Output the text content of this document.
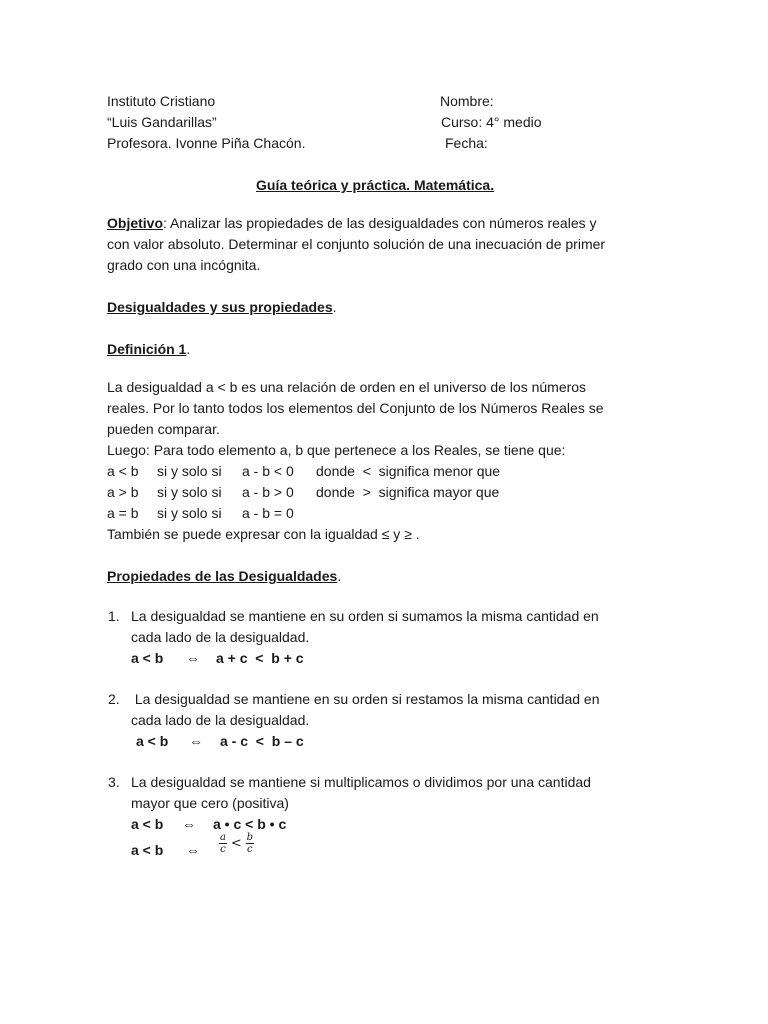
Instituto Cristiano
“Luis Gandarillas”
Profesora. Ivonne Piña Chacón.
Nombre:
Curso: 4° medio
Fecha:
Guía teórica y práctica. Matemática.
Objetivo: Analizar las propiedades de las desigualdades con números reales y
con valor absoluto. Determinar el conjunto solución de una inecuación de primer
grado con una incógnita.
Desigualdades y sus propiedades.
Definición 1.
La desigualdad a < b es una relación de orden en el universo de los números
reales. Por lo tanto todos los elementos del Conjunto de los Números Reales se
pueden comparar.
Luego: Para todo elemento a, b que pertenece a los Reales, se tiene que:
a < b si y solo si a - b < 0 donde  <  significa menor que
a > b si y solo si a - b > 0 donde  >  significa mayor que
a = b si y solo si a - b = 0
También se puede expresar con la igualdad ≤ y ≥ .
Propiedades de las Desigualdades.
1. La desigualdad se mantiene en su orden si sumamos la misma cantidad en
cada lado de la desigualdad.
a < b ⇔ a + c  <  b + c
2. La desigualdad se mantiene en su orden si restamos la misma cantidad en
cada lado de la desigualdad.
a < b ⇔ a - c  <  b – c
3. La desigualdad se mantiene si multiplicamos o dividimos por una cantidad
mayor que cero (positiva)
a < b ⇔ a • c < b • c
a < b ⇔ $\frac{a}{c} < \frac{b}{c}$
